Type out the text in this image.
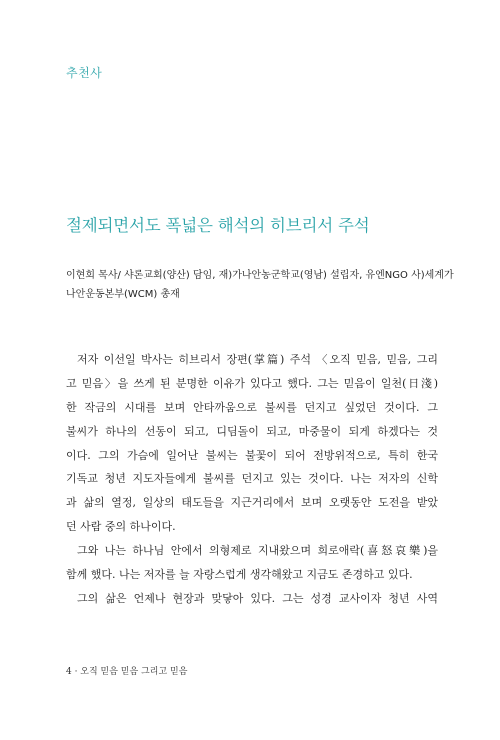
추천사
절제되면서도 폭넓은 해석의 히브리서 주석
이현희 목사/ 샤론교회(양산) 담임, 재)가나안농군학교(영남) 설립자, 유엔NGO 사)세계가
나안운동본부(WCM) 총재
저자 이선일 박사는 히브리서 장편(掌篇) 주석 〈오직 믿음, 믿음, 그리
고 믿음〉을 쓰게 된 분명한 이유가 있다고 했다. 그는 믿음이 일천(日淺)
한 작금의 시대를 보며 안타까움으로 불씨를 던지고 싶었던 것이다. 그
불씨가 하나의 선동이 되고, 디딤돌이 되고, 마중물이 되게 하겠다는 것
이다. 그의 가슴에 일어난 불씨는 불꽃이 되어 전방위적으로, 특히 한국
기독교 청년 지도자들에게 불씨를 던지고 있는 것이다. 나는 저자의 신학
과 삶의 열정, 일상의 태도들을 지근거리에서 보며 오랫동안 도전을 받았
던 사람 중의 하나이다.
그와 나는 하나님 안에서 의형제로 지내왔으며 희로애락(喜怒哀樂)을
함께 했다. 나는 저자를 늘 자랑스럽게 생각해왔고 지금도 존경하고 있다.
그의 삶은 언제나 현장과 맞닿아 있다. 그는 성경 교사이자 청년 사역
4 · 오직 믿음 믿음 그리고 믿음
